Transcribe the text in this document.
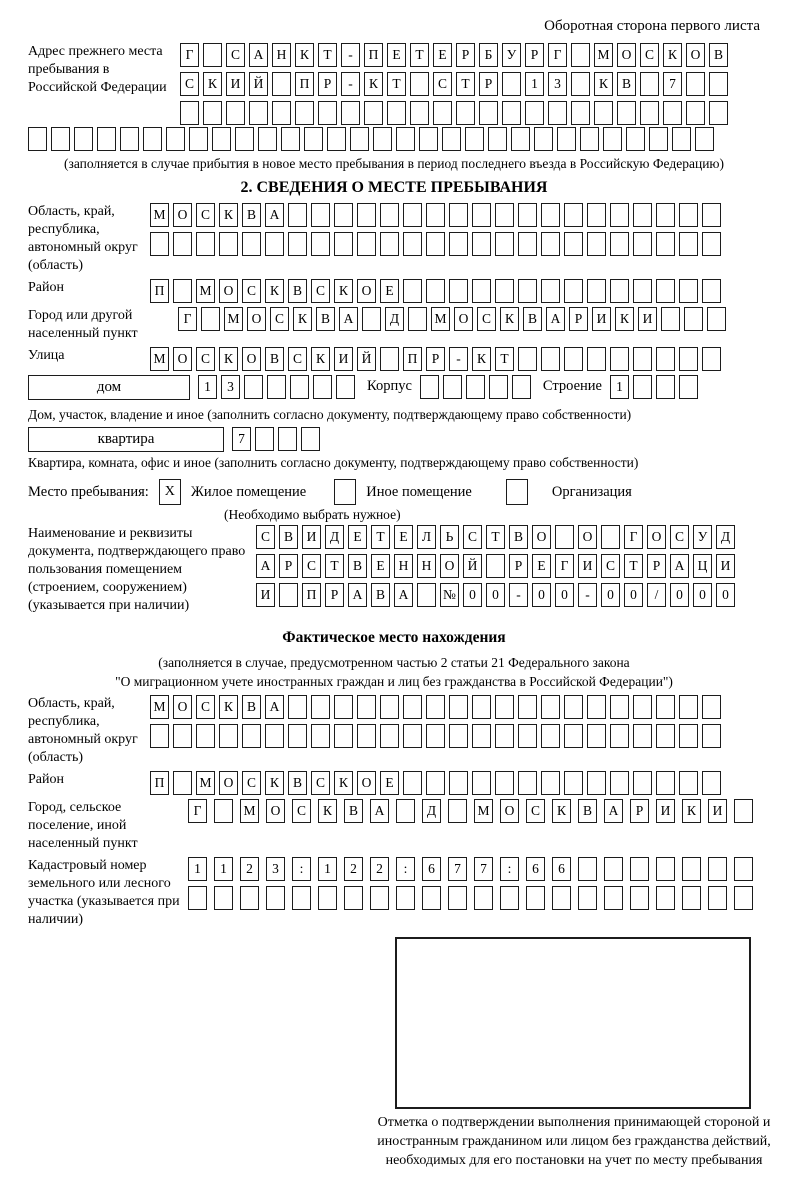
Оборотная сторона первого листа
Адрес прежнего места пребывания в Российской Федерации
Г	С	А Н	К	Т	-	П	Е	Т	Е	Р	Б	У	Р	Г	М О	С	К	О	В
С	К	И Й	П	Р	-	К	Т	С	Т	Р	1	3	К	В	7
(заполняется в случае прибытия в новое место пребывания в период последнего въезда в Российскую Федерацию)
2. СВЕДЕНИЯ О МЕСТЕ ПРЕБЫВАНИЯ
Область, край, республика, автономный округ (область)
М О	С	К	В	А
Район	П	М О	С	К	В	С	К	О	Е
Город или другой населенный пункт
Г	М О	С	К	В	А	Д	М О	С	К	В	А	Р	И	К	И
Улица	М О	С	К	О	В	С	К	И Й	П	Р	-	К	Т
дом	1	3	Корпус	Строение	1
Дом, участок, владение и иное (заполнить согласно документу, подтверждающему право собственности)
квартира	7
Квартира, комната, офис и иное (заполнить согласно документу, подтверждающему право собственности)
Место пребывания:	X	Жилое помещение	Иное помещение	Организация
(Необходимо выбрать нужное)
Наименование и реквизиты документа, подтверждающего право пользования помещением (строением, сооружением) (указывается при наличии)
С	В	И	Д	Е	Т	Е	Л	Ь	С	Т	В	О	О	Г	О	С	У	Д
А	Р	С	Т	В	Е	Н Н О Й	Р	Е	Г	И	С	Т	Р	А Ц И
И	П	Р	А	В	А	№ 0	0	-	0	0	-	0	0	/	0	0	0
Фактическое место нахождения
(заполняется в случае, предусмотренном частью 2 статьи 21 Федерального закона
"О миграционном учете иностранных граждан и лиц без гражданства в Российской Федерации")
Область, край, республика, автономный округ (область)
М О	С	К	В	А
Район	П	М О	С	К	В	С	К	О	Е
Город, сельское поселение, иной населенный пункт
Г	М	О	С	К	В	А	Д	М	О	С	К	В	А	Р	И	К	И
Кадастровый номер земельного или лесного участка (указывается при наличии)
1	1	2	3	:	1	2	2	:	6	7	7	:	6	6
Отметка о подтверждении выполнения принимающей стороной и иностранным гражданином или лицом без гражданства действий, необходимых для его постановки на учет по месту пребывания
